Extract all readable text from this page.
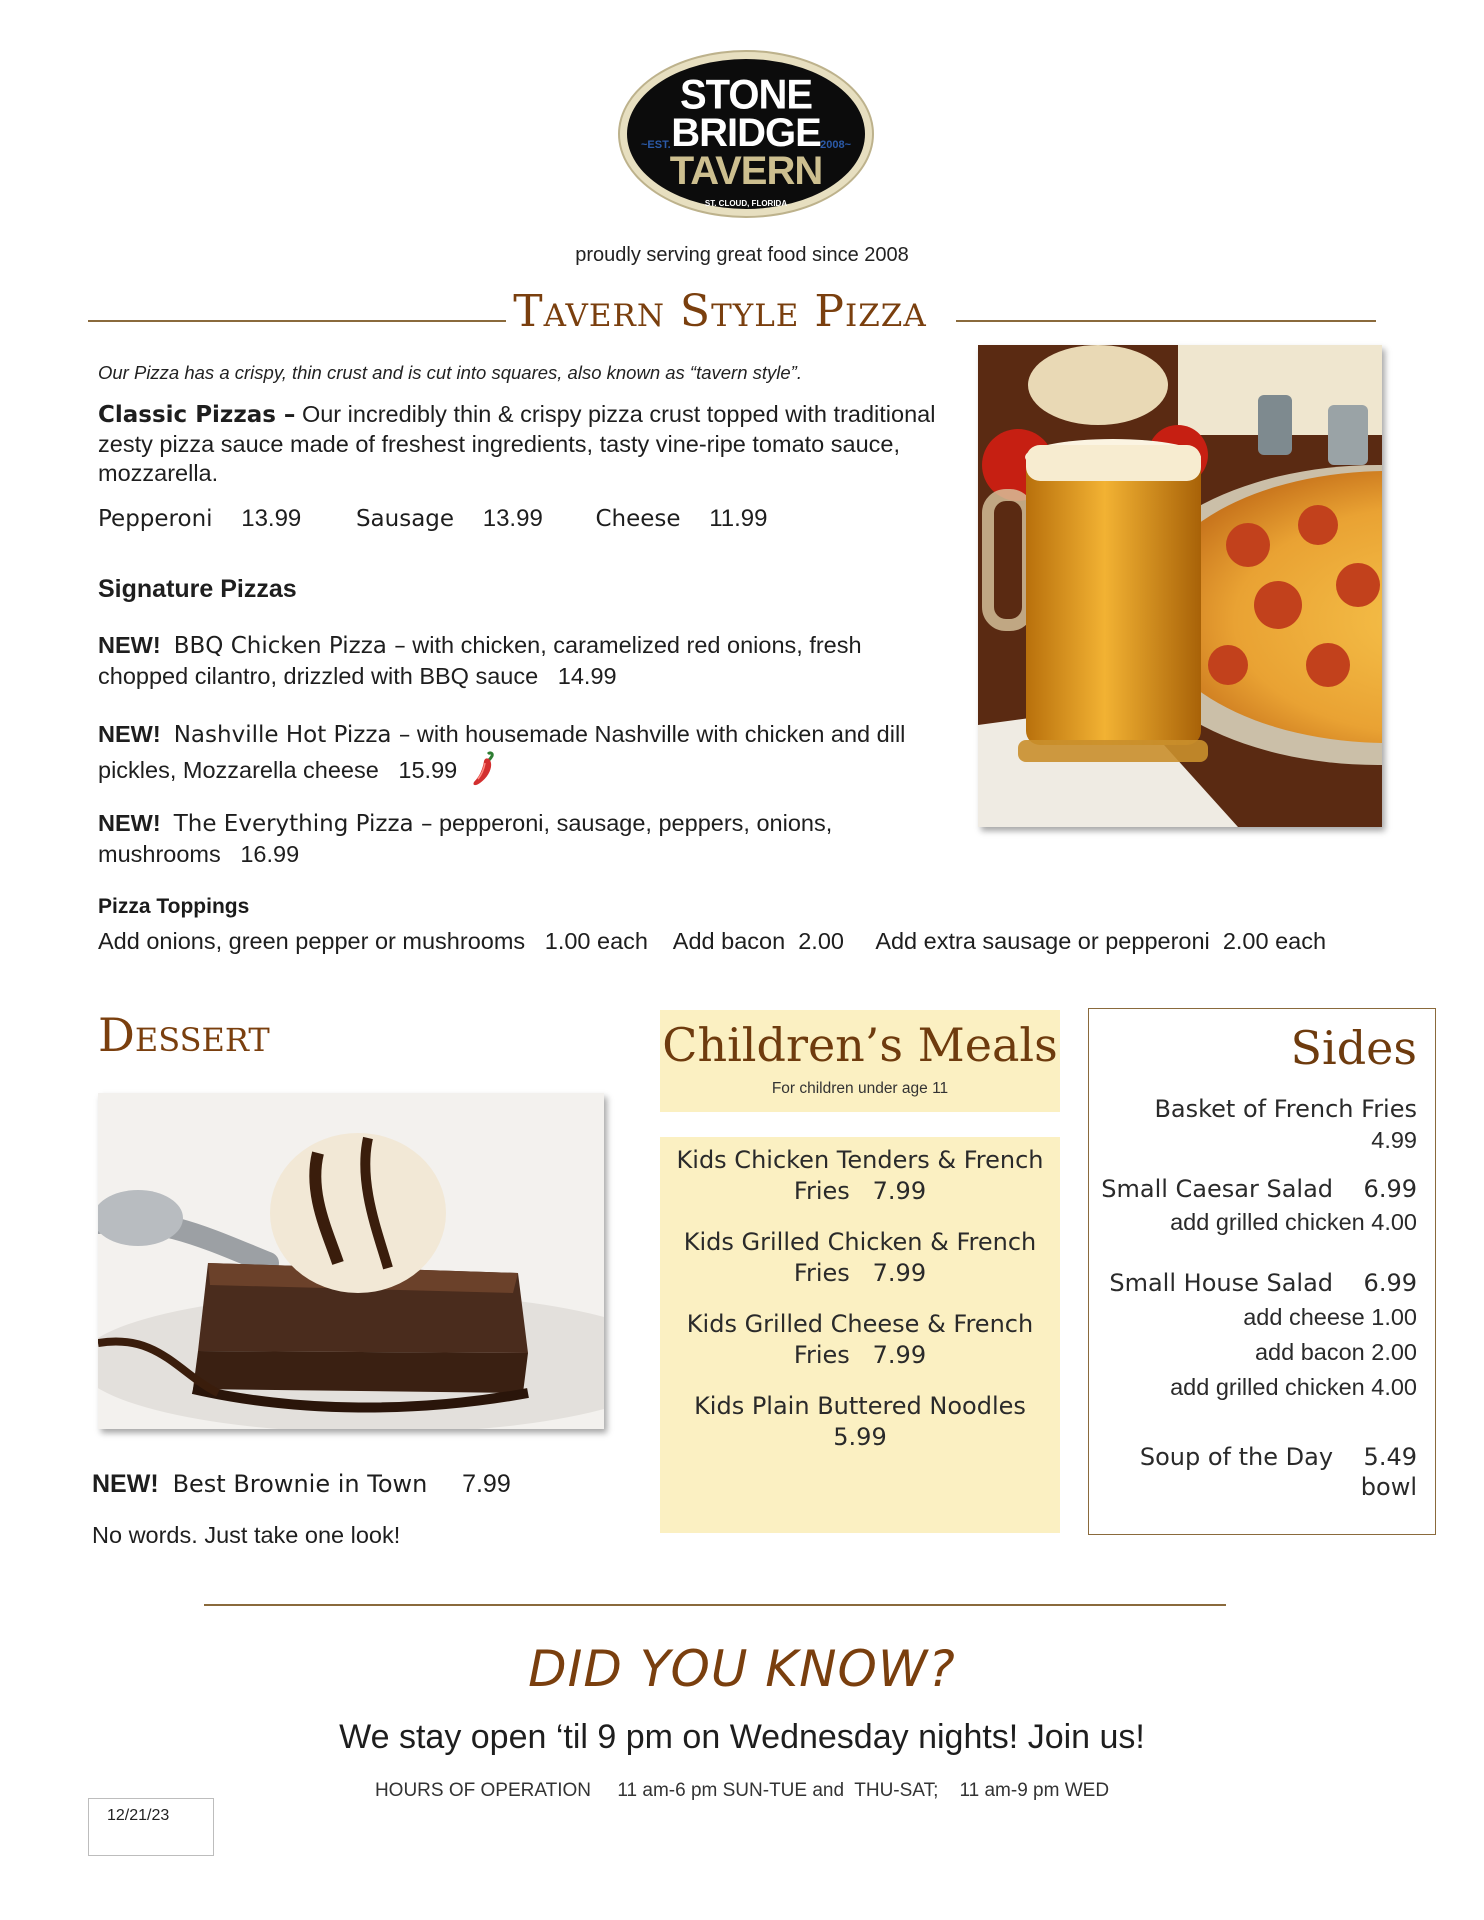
STONE
BRIDGE
TAVERN
~EST.	2008~
ST. CLOUD, FLORIDA
proudly serving great food since 2008
Tavern Style Pizza
Our Pizza has a crispy, thin crust and is cut into squares, also known as “tavern style”.
Classic Pizzas – Our incredibly thin & crispy pizza crust topped with traditional zesty pizza sauce made of freshest ingredients, tasty vine-ripe tomato sauce, mozzarella.
Pepperoni 13.99 Sausage 13.99 Cheese 11.99
Signature Pizzas
NEW! BBQ Chicken Pizza – with chicken, caramelized red onions, fresh chopped cilantro, drizzled with BBQ sauce 14.99
NEW! Nashville Hot Pizza – with housemade Nashville with chicken and dill pickles, Mozzarella cheese 15.99
NEW! The Everything Pizza – pepperoni, sausage, peppers, onions, mushrooms 16.99
Pizza Toppings
Add onions, green pepper or mushrooms   1.00 each    Add bacon  2.00     Add extra sausage or pepperoni  2.00 each
Dessert
NEW! Best Brownie in Town 7.99
No words. Just take one look!
Children’s Meals
For children under age 11
Kids Chicken Tenders & French
Fries   7.99
Kids Grilled Chicken & French
Fries   7.99
Kids Grilled Cheese & French
Fries   7.99
Kids Plain Buttered Noodles
5.99
Sides
Basket of French Fries
4.99
Small Caesar Salad    6.99
add grilled chicken 4.00
Small House Salad    6.99
add cheese 1.00
add bacon 2.00
add grilled chicken 4.00
Soup of the Day    5.49
bowl
DID YOU KNOW?
We stay open ‘til 9 pm on Wednesday nights! Join us!
HOURS OF OPERATION     11 am-6 pm SUN-TUE and  THU-SAT;    11 am-9 pm WED
12/21/23
